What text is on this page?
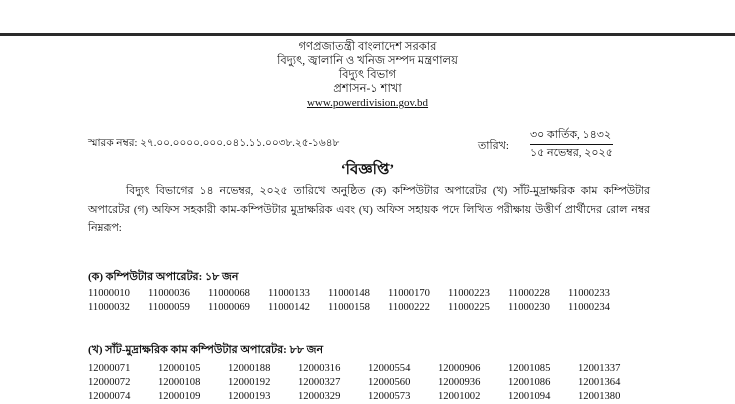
গণপ্রজাতন্ত্রী বাংলাদেশ সরকার
বিদ্যুৎ, জ্বালানি ও খনিজ সম্পদ মন্ত্রণালয়
বিদ্যুৎ বিভাগ
প্রশাসন-১ শাখা
www.powerdivision.gov.bd
স্মারক নম্বর: ২৭.০০.০০০০.০০০.০৪১.১১.০০৩৮.২৫-১৬৪৮	তারিখ:
৩০ কার্তিক, ১৪৩২
১৫ নভেম্বর, ২০২৫
‘বিজ্ঞপ্তি’
বিদ্যুৎ বিভাগের ১৪ নভেম্বর, ২০২৫ তারিখে অনুষ্ঠিত (ক) কম্পিউটার অপারেটর (খ) সাঁট-মুদ্রাক্ষরিক কাম কম্পিউটার অপারেটর (গ) অফিস সহকারী কাম-কম্পিউটার মুদ্রাক্ষরিক এবং (ঘ) অফিস সহায়ক পদে লিখিত পরীক্ষায় উত্তীর্ণ প্রার্থীদের রোল নম্বর নিম্নরূপ:
(ক) কম্পিউটার অপারেটর: ১৮ জন
11000010	11000036	11000068	11000133	11000148	11000170	11000223	11000228	11000233
11000032	11000059	11000069	11000142	11000158	11000222	11000225	11000230	11000234
(খ) সাঁট-মুদ্রাক্ষরিক কাম কম্পিউটার অপারেটর: ৮৮ জন
12000071	12000105	12000188	12000316	12000554	12000906	12001085	12001337
12000072	12000108	12000192	12000327	12000560	12000936	12001086	12001364
12000074	12000109	12000193	12000329	12000573	12001002	12001094	12001380
